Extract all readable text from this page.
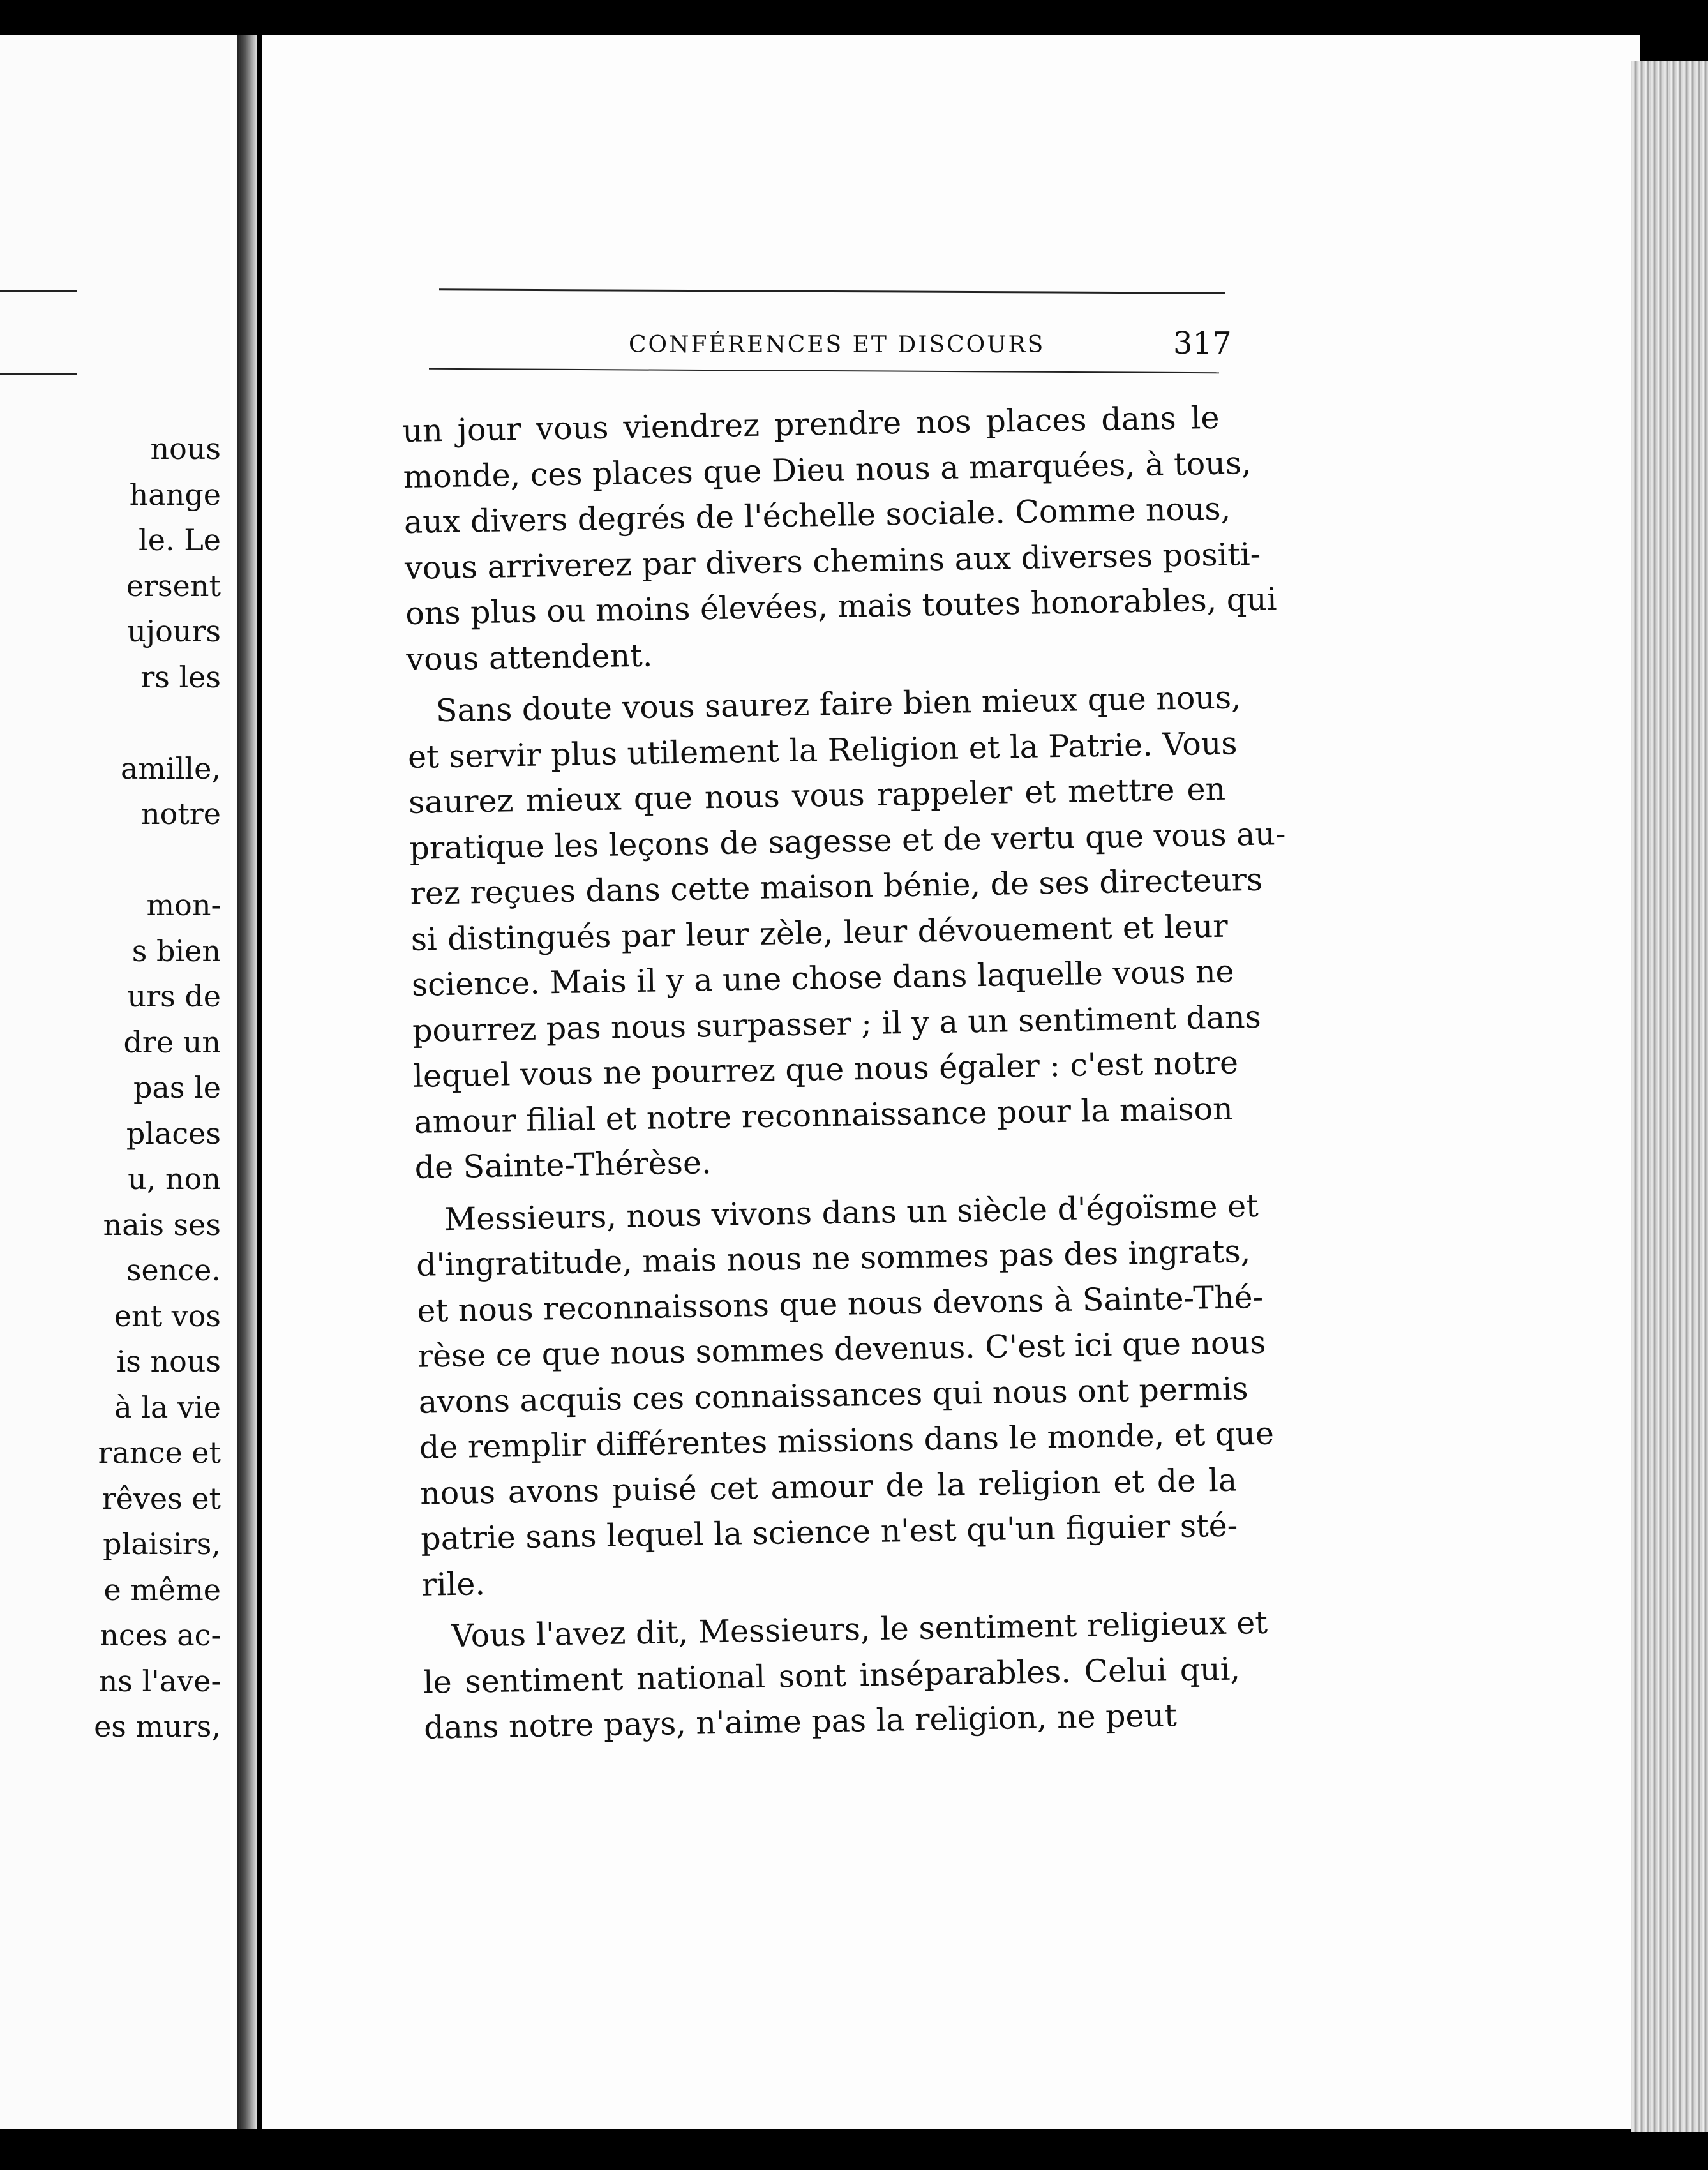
nous
hange
le. Le
ersent
ujours
rs les
amille,
notre
mon-
s bien
urs de
dre un
pas le
places
u, non
nais ses
sence.
ent vos
is nous
à la vie
rance et
rêves et
plaisirs,
e même
nces ac-
ns l'ave-
es murs,
CONFÉRENCES ET DISCOURS	317
un jour vous viendrez prendre nos places dans le
monde, ces places que Dieu nous a marquées, à tous,
aux divers degrés de l'échelle sociale. Comme nous,
vous arriverez par divers chemins aux diverses positi-
ons plus ou moins élevées, mais toutes honorables, qui
vous attendent.
Sans doute vous saurez faire bien mieux que nous,
et servir plus utilement la Religion et la Patrie. Vous
saurez mieux que nous vous rappeler et mettre en
pratique les leçons de sagesse et de vertu que vous au-
rez reçues dans cette maison bénie, de ses directeurs
si distingués par leur zèle, leur dévouement et leur
science. Mais il y a une chose dans laquelle vous ne
pourrez pas nous surpasser ; il y a un sentiment dans
lequel vous ne pourrez que nous égaler : c'est notre
amour filial et notre reconnaissance pour la maison
de Sainte-Thérèse.
Messieurs, nous vivons dans un siècle d'égoïsme et
d'ingratitude, mais nous ne sommes pas des ingrats,
et nous reconnaissons que nous devons à Sainte-Thé-
rèse ce que nous sommes devenus. C'est ici que nous
avons acquis ces connaissances qui nous ont permis
de remplir différentes missions dans le monde, et que
nous avons puisé cet amour de la religion et de la
patrie sans lequel la science n'est qu'un figuier sté-
rile.
Vous l'avez dit, Messieurs, le sentiment religieux et
le sentiment national sont inséparables. Celui qui,
dans notre pays, n'aime pas la religion, ne peut
